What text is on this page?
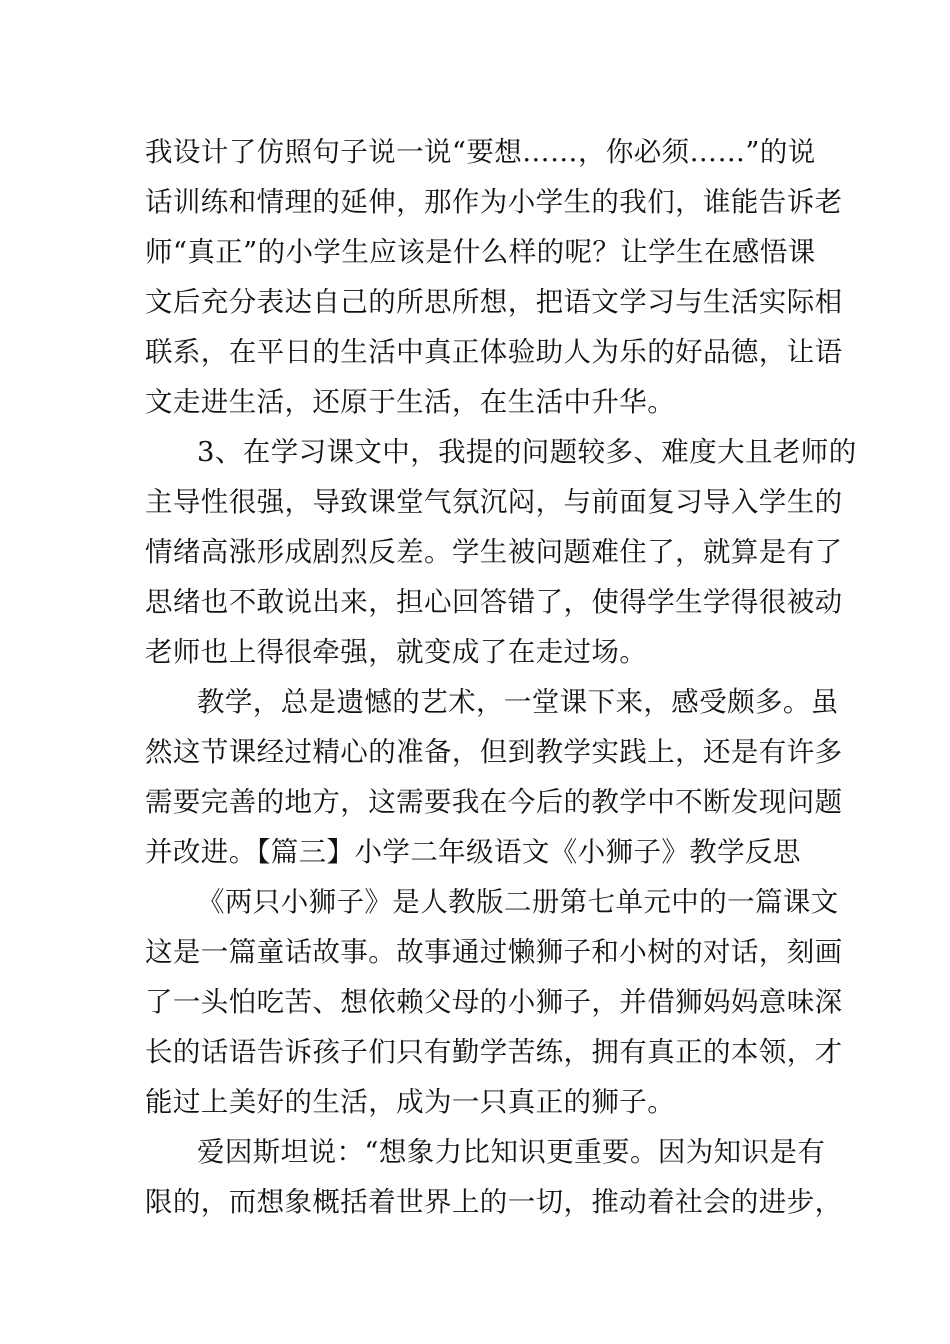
我设计了仿照句子说一说“要想……，你必须……”的说
话训练和情理的延伸，那作为小学生的我们，谁能告诉老
师“真正”的小学生应该是什么样的呢？让学生在感悟课
文后充分表达自己的所思所想，把语文学习与生活实际相
联系，在平日的生活中真正体验助人为乐的好品德，让语
文走进生活，还原于生活，在生活中升华。
3、在学习课文中，我提的问题较多、难度大且老师的
主导性很强，导致课堂气氛沉闷，与前面复习导入学生的
情绪高涨形成剧烈反差。学生被问题难住了，就算是有了
思绪也不敢说出来，担心回答错了，使得学生学得很被动
老师也上得很牵强，就变成了在走过场。
教学，总是遗憾的艺术，一堂课下来，感受颇多。虽
然这节课经过精心的准备，但到教学实践上，还是有许多
需要完善的地方，这需要我在今后的教学中不断发现问题
并改进。【篇三】小学二年级语文《小狮子》教学反思
《两只小狮子》是人教版二册第七单元中的一篇课文
这是一篇童话故事。故事通过懒狮子和小树的对话，刻画
了一头怕吃苦、想依赖父母的小狮子，并借狮妈妈意味深
长的话语告诉孩子们只有勤学苦练，拥有真正的本领，才
能过上美好的生活，成为一只真正的狮子。
爱因斯坦说：“想象力比知识更重要。因为知识是有
限的，而想象概括着世界上的一切，推动着社会的进步，
